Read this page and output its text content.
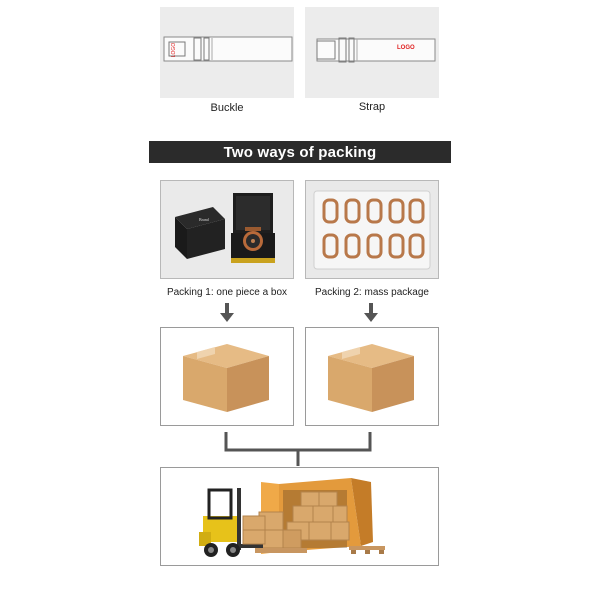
LOGO
Buckle
LOGO
Strap
Two ways of packing
Brand
Packing 1: one piece a box	Packing 2: mass package
